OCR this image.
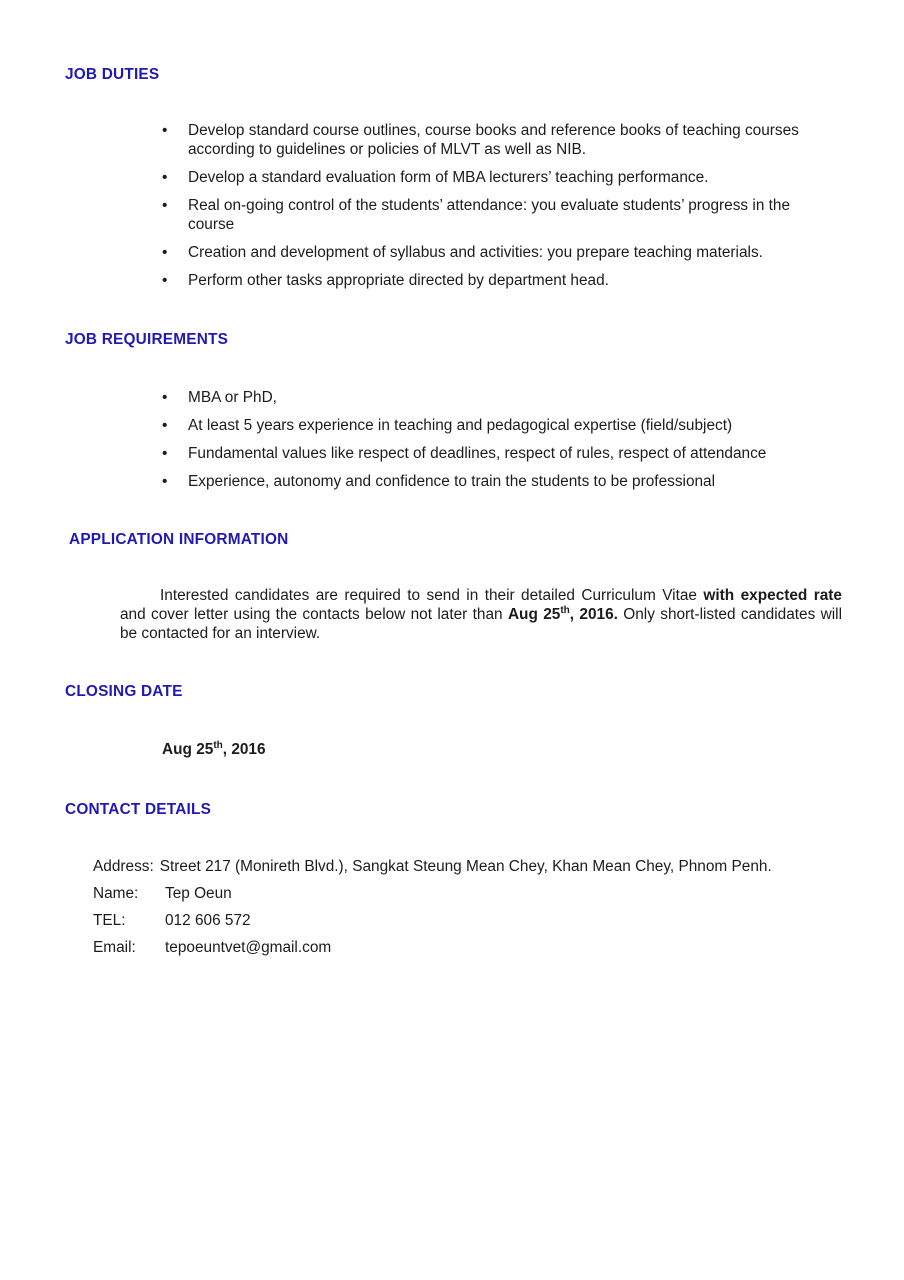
JOB DUTIES
• Develop standard course outlines, course books and reference books of teaching courses according to guidelines or policies of MLVT as well as NIB.
• Develop a standard evaluation form of MBA lecturers’ teaching performance.
• Real on-going control of the students’ attendance: you evaluate students’ progress in the course
• Creation and development of syllabus and activities: you prepare teaching materials.
• Perform other tasks appropriate directed by department head.
JOB REQUIREMENTS
• MBA or PhD,
• At least 5 years experience in teaching and pedagogical expertise (field/subject)
• Fundamental values like respect of deadlines, respect of rules, respect of attendance
• Experience, autonomy and confidence to train the students to be professional
APPLICATION INFORMATION

Interested candidates are required to send in their detailed Curriculum Vitae with expected rate and cover letter using the contacts below not later than Aug 25th, 2016. Only short-listed candidates will be contacted for an interview.

CLOSING DATE

Aug 25th, 2016

CONTACT DETAILS
Address: Street 217 (Monireth Blvd.), Sangkat Steung Mean Chey, Khan Mean Chey, Phnom Penh.
Name: Tep Oeun
TEL:	012 606 572
Email: tepoeuntvet@gmail.com
